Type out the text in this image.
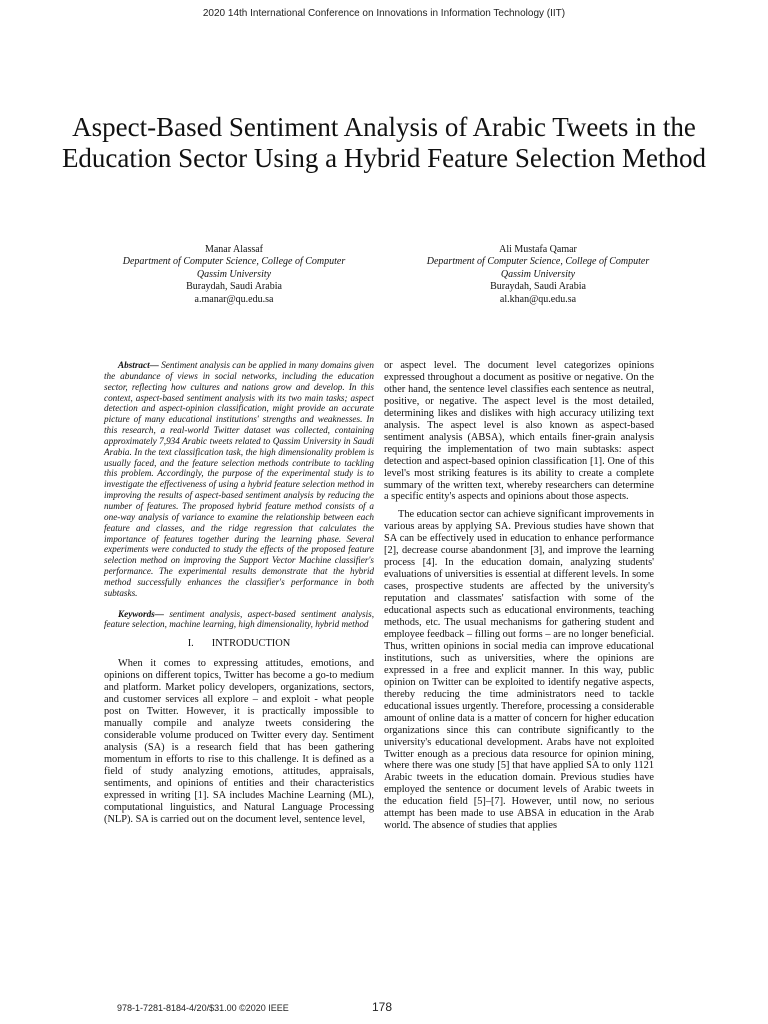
2020 14th International Conference on Innovations in Information Technology (IIT)
Aspect-Based Sentiment Analysis of Arabic Tweets in the Education Sector Using a Hybrid Feature Selection Method
Manar Alassaf
Department of Computer Science, College of Computer
Qassim University
Buraydah, Saudi Arabia
a.manar@qu.edu.sa
Ali Mustafa Qamar
Department of Computer Science, College of Computer
Qassim University
Buraydah, Saudi Arabia
al.khan@qu.edu.sa

Abstract— Sentiment analysis can be applied in many domains given the abundance of views in social networks, including the education sector, reflecting how cultures and nations grow and develop. In this context, aspect-based sentiment analysis with its two main tasks; aspect detection and aspect-opinion classification, might provide an accurate picture of many educational institutions' strengths and weaknesses. In this research, a real-world Twitter dataset was collected, containing approximately 7,934 Arabic tweets related to Qassim University in Saudi Arabia. In the text classification task, the high dimensionality problem is usually faced, and the feature selection methods contribute to tackling this problem. Accordingly, the purpose of the experimental study is to investigate the effectiveness of using a hybrid feature selection method in improving the results of aspect-based sentiment analysis by reducing the number of features. The proposed hybrid feature method consists of a one-way analysis of variance to examine the relationship between each feature and classes, and the ridge regression that calculates the importance of features together during the learning phase. Several experiments were conducted to study the effects of the proposed feature selection method on improving the Support Vector Machine classifier's performance. The experimental results demonstrate that the hybrid method successfully enhances the classifier's performance in both subtasks.

Keywords— sentiment analysis, aspect-based sentiment analysis, feature selection, machine learning, high dimensionality, hybrid method

I. INTRODUCTION

When it comes to expressing attitudes, emotions, and opinions on different topics, Twitter has become a go-to medium and platform. Market policy developers, organizations, sectors, and customer services all explore – and exploit - what people post on Twitter. However, it is practically impossible to manually compile and analyze tweets considering the considerable volume produced on Twitter every day. Sentiment analysis (SA) is a research field that has been gathering momentum in efforts to rise to this challenge. It is defined as a field of study analyzing emotions, attitudes, appraisals, sentiments, and opinions of entities and their characteristics expressed in writing [1]. SA includes Machine Learning (ML), computational linguistics, and Natural Language Processing (NLP). SA is carried out on the document level, sentence level,

or aspect level. The document level categorizes opinions expressed throughout a document as positive or negative. On the other hand, the sentence level classifies each sentence as neutral, positive, or negative. The aspect level is the most detailed, determining likes and dislikes with high accuracy utilizing text analysis. The aspect level is also known as aspect-based sentiment analysis (ABSA), which entails finer-grain analysis requiring the implementation of two main subtasks: aspect detection and aspect-based opinion classification [1]. One of this level's most striking features is its ability to create a complete summary of the written text, whereby researchers can determine a specific entity's aspects and opinions about those aspects.

The education sector can achieve significant improvements in various areas by applying SA. Previous studies have shown that SA can be effectively used in education to enhance performance [2], decrease course abandonment [3], and improve the learning process [4]. In the education domain, analyzing students' evaluations of universities is essential at different levels. In some cases, prospective students are affected by the university's reputation and classmates' satisfaction with some of the educational aspects such as educational environments, teaching methods, etc. The usual mechanisms for gathering student and employee feedback – filling out forms – are no longer beneficial. Thus, written opinions in social media can improve educational institutions, such as universities, where the opinions are expressed in a free and explicit manner. In this way, public opinion on Twitter can be exploited to identify negative aspects, thereby reducing the time administrators need to tackle educational issues urgently. Therefore, processing a considerable amount of online data is a matter of concern for higher education organizations since this can contribute significantly to the university's educational development. Arabs have not exploited Twitter enough as a precious data resource for opinion mining, where there was one study [5] that have applied SA to only 1121 Arabic tweets in the education domain. Previous studies have employed the sentence or document levels of Arabic tweets in the education field [5]–[7]. However, until now, no serious attempt has been made to use ABSA in education in the Arab world. The absence of studies that applies

978-1-7281-8184-4/20/$31.00 ©2020 IEEE	178
